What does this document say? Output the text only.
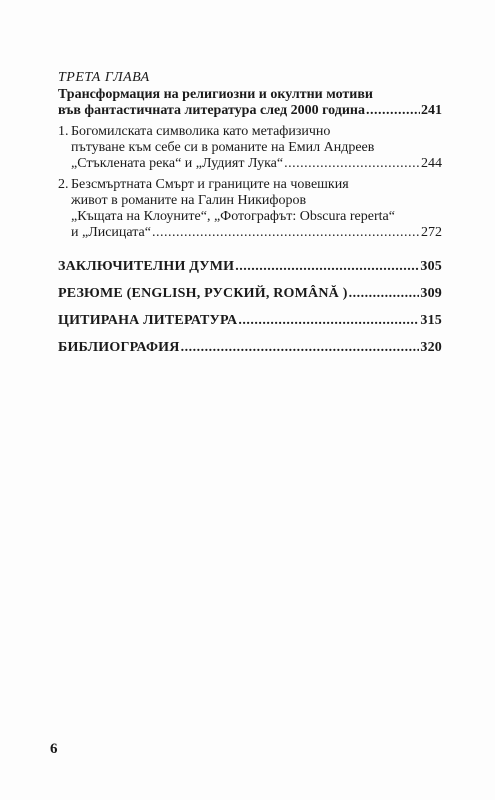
ТРЕТА ГЛАВА
Трансформация на религиозни и окултни мотиви
във фантастичната литература след 2000 година .....	241
1. Богомилската символика като метафизично
пътуване към себе си в романите на Емил Андреев
„Стъклената река“ и „Лудият Лука“ .....	244
2. Безсмъртната Смърт и границите на човешкия
живот в романите на Галин Никифоров
„Къщата на Клоуните“, „Фотографът: Obscura reperta“
и „Лисицата“ .....	272
ЗАКЛЮЧИТЕЛНИ ДУМИ .....	305
РЕЗЮМЕ (ENGLISH, РУСКИЙ, ROMÂNĂ ) .....	309
ЦИТИРАНА ЛИТЕРАТУРА .....	315
БИБЛИОГРАФИЯ .....	320
6
